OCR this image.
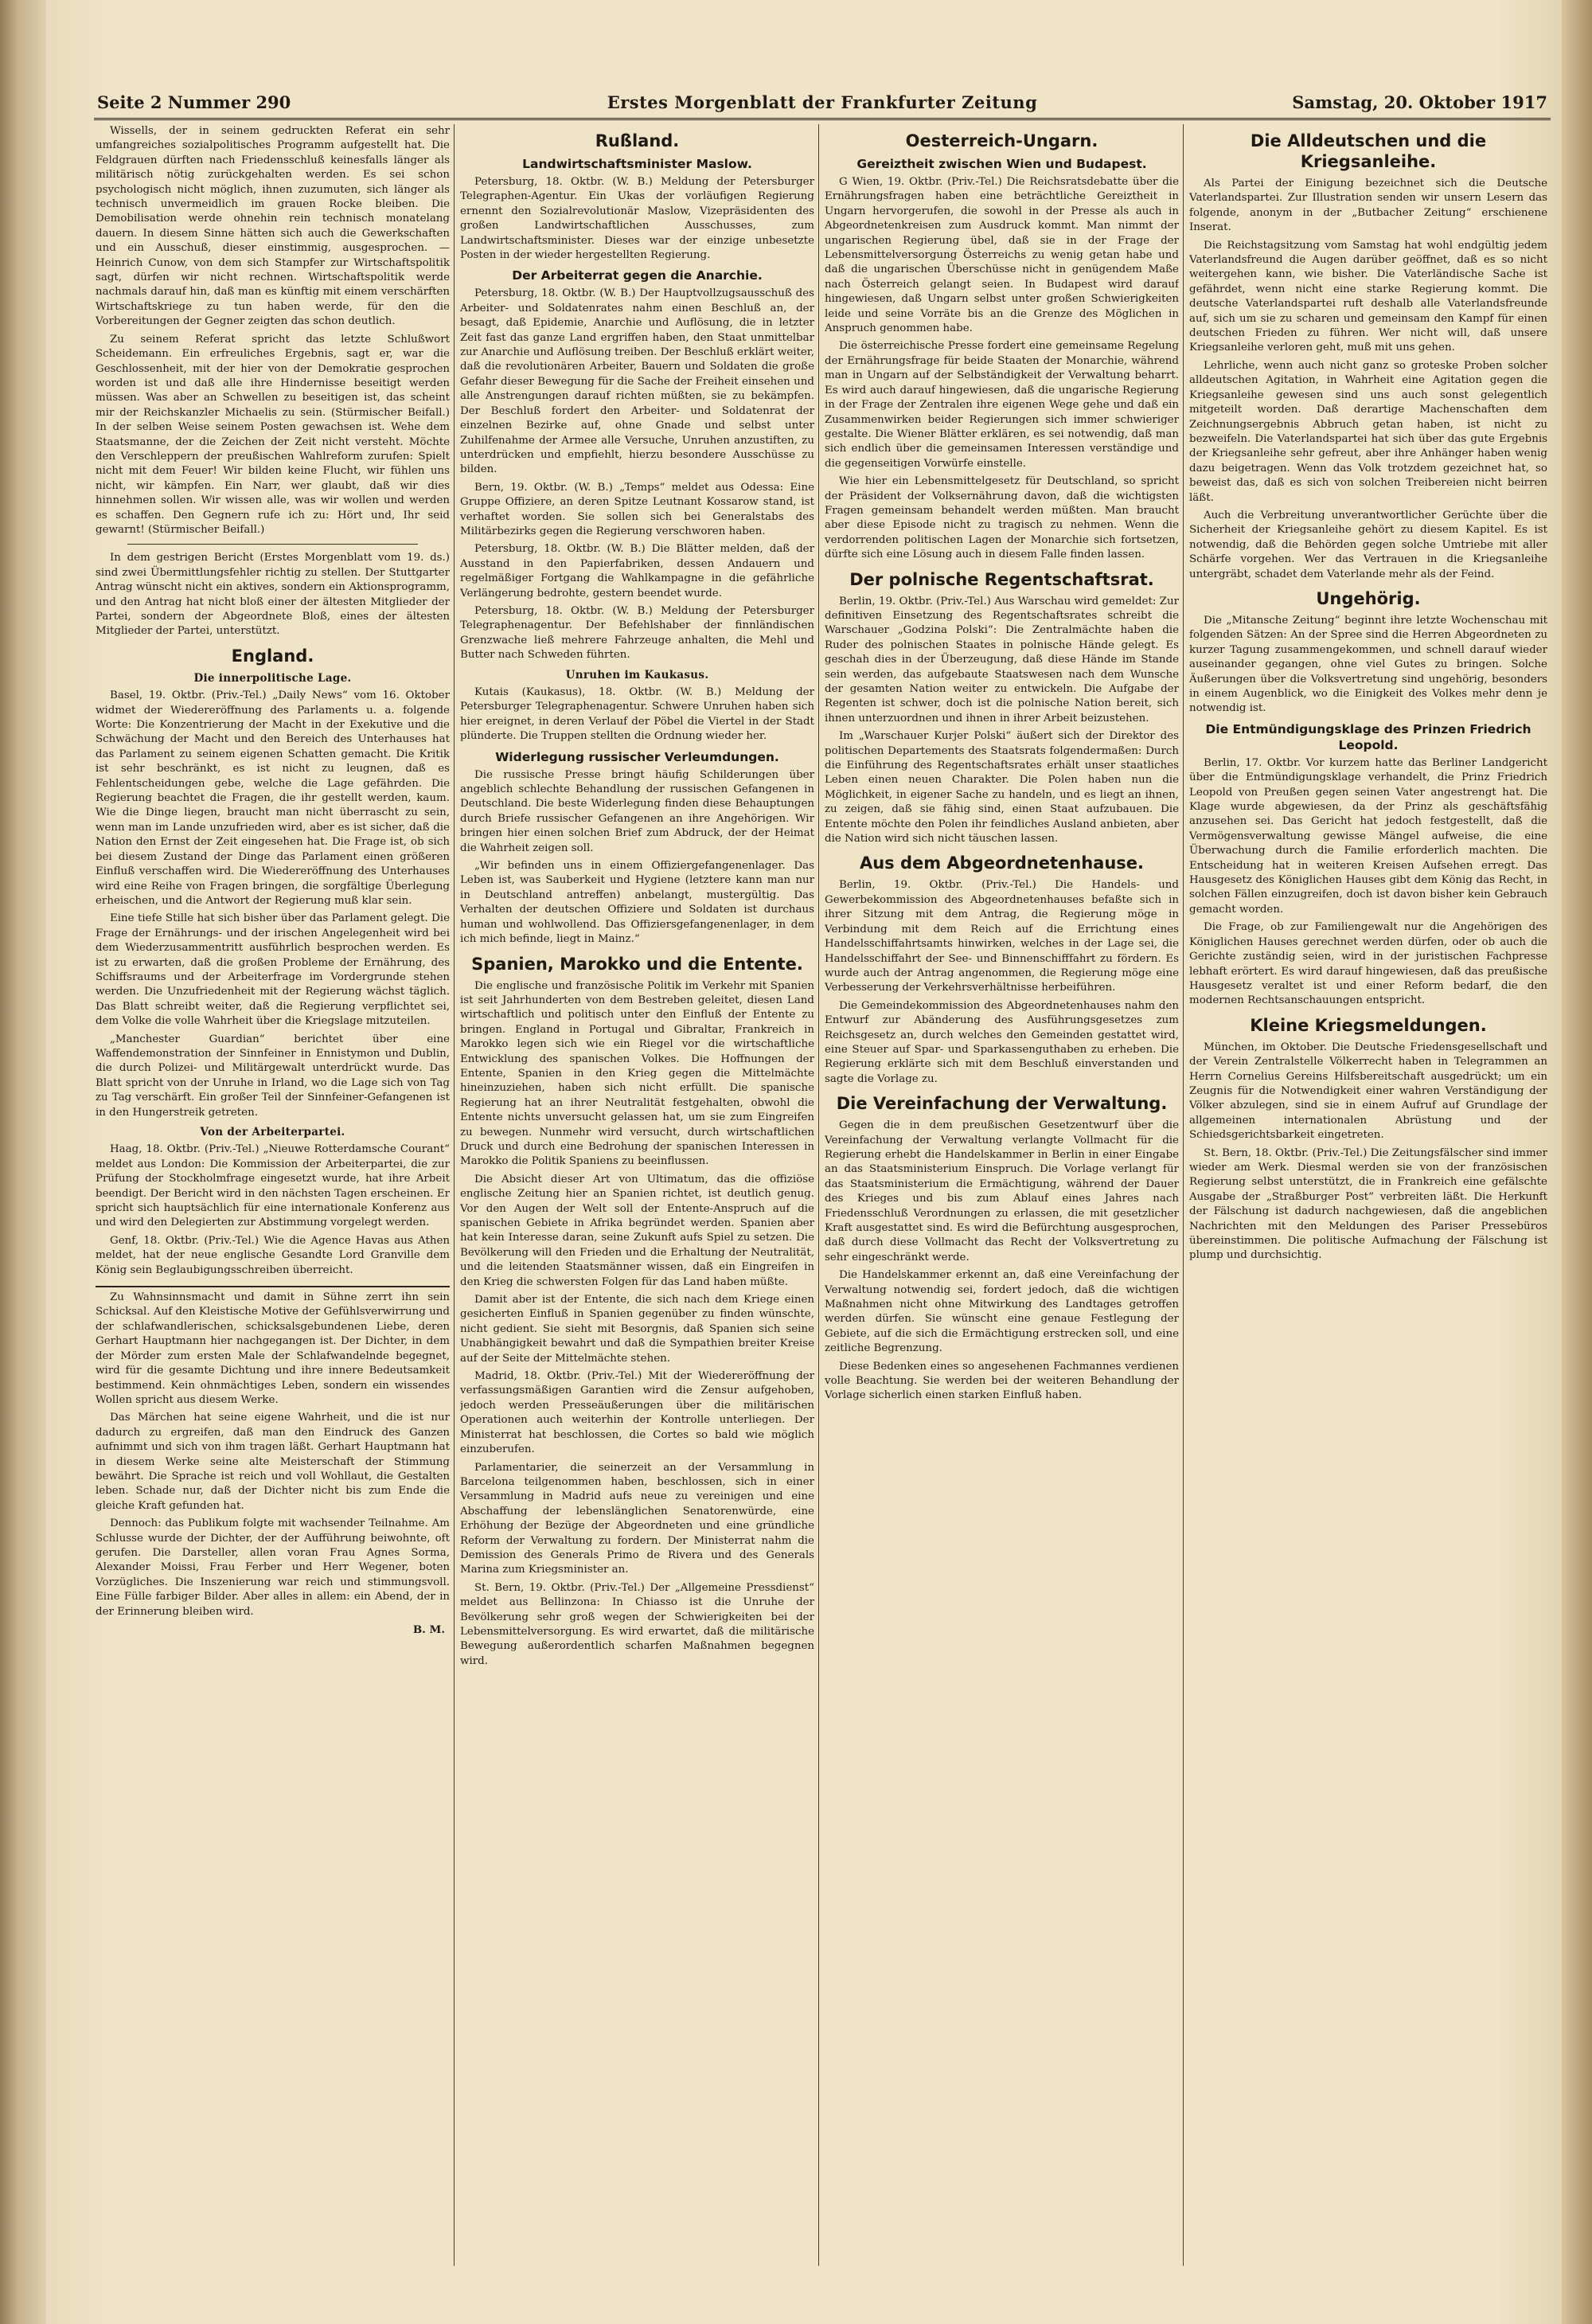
Seite 2 Nummer 290	Erstes Morgenblatt der Frankfurter Zeitung	Samstag, 20. Oktober 1917

Wissells, der in seinem gedruckten Referat ein sehr umfangreiches sozialpolitisches Programm aufgestellt hat. Die Feldgrauen dürften nach Friedensschluß keinesfalls länger als militärisch nötig zurückgehalten werden. Es sei schon psychologisch nicht möglich, ihnen zuzumuten, sich länger als technisch unvermeidlich im grauen Rocke bleiben. Die Demobilisation werde ohnehin rein technisch monatelang dauern. In diesem Sinne hätten sich auch die Gewerkschaften und ein Ausschuß, dieser einstimmig, ausgesprochen. — Heinrich Cunow, von dem sich Stampfer zur Wirtschaftspolitik sagt, dürfen wir nicht rechnen. Wirtschaftspolitik werde nachmals darauf hin, daß man es künftig mit einem verschärften Wirtschaftskriege zu tun haben werde, für den die Vorbereitungen der Gegner zeigten das schon deutlich.

Zu seinem Referat spricht das letzte Schlußwort Scheidemann. Ein erfreuliches Ergebnis, sagt er, war die Geschlossenheit, mit der hier von der Demokratie gesprochen worden ist und daß alle ihre Hindernisse beseitigt werden müssen. Was aber an Schwellen zu beseitigen ist, das scheint mir der Reichskanzler Michaelis zu sein. (Stürmischer Beifall.) In der selben Weise seinem Posten gewachsen ist. Wehe dem Staatsmanne, der die Zeichen der Zeit nicht versteht. Möchte den Verschleppern der preußischen Wahlreform zurufen: Spielt nicht mit dem Feuer! Wir bilden keine Flucht, wir fühlen uns nicht, wir kämpfen. Ein Narr, wer glaubt, daß wir dies hinnehmen sollen. Wir wissen alle, was wir wollen und werden es schaffen. Den Gegnern rufe ich zu: Hört und, Ihr seid gewarnt! (Stürmischer Beifall.)

In dem gestrigen Bericht (Erstes Morgenblatt vom 19. ds.) sind zwei Übermittlungsfehler richtig zu stellen. Der Stuttgarter Antrag wünscht nicht ein aktives, sondern ein Aktionsprogramm, und den Antrag hat nicht bloß einer der ältesten Mitglieder der Partei, sondern der Abgeordnete Bloß, eines der ältesten Mitglieder der Partei, unterstützt.

England.
Die innerpolitische Lage.

Basel, 19. Oktbr. (Priv.-Tel.) „Daily News“ vom 16. Oktober widmet der Wiedereröffnung des Parlaments u. a. folgende Worte: Die Konzentrierung der Macht in der Exekutive und die Schwächung der Macht und den Bereich des Unterhauses hat das Parlament zu seinem eigenen Schatten gemacht. Die Kritik ist sehr beschränkt, es ist nicht zu leugnen, daß es Fehlentscheidungen gebe, welche die Lage gefährden. Die Regierung beachtet die Fragen, die ihr gestellt werden, kaum. Wie die Dinge liegen, braucht man nicht überrascht zu sein, wenn man im Lande unzufrieden wird, aber es ist sicher, daß die Nation den Ernst der Zeit eingesehen hat. Die Frage ist, ob sich bei diesem Zustand der Dinge das Parlament einen größeren Einfluß verschaffen wird. Die Wiedereröffnung des Unterhauses wird eine Reihe von Fragen bringen, die sorgfältige Überlegung erheischen, und die Antwort der Regierung muß klar sein.

Eine tiefe Stille hat sich bisher über das Parlament gelegt. Die Frage der Ernährungs- und der irischen Angelegenheit wird bei dem Wiederzusammentritt ausführlich besprochen werden. Es ist zu erwarten, daß die großen Probleme der Ernährung, des Schiffsraums und der Arbeiterfrage im Vordergrunde stehen werden. Die Unzufriedenheit mit der Regierung wächst täglich. Das Blatt schreibt weiter, daß die Regierung verpflichtet sei, dem Volke die volle Wahrheit über die Kriegslage mitzuteilen.

„Manchester Guardian“ berichtet über eine Waffendemonstration der Sinnfeiner in Ennistymon und Dublin, die durch Polizei- und Militärgewalt unterdrückt wurde. Das Blatt spricht von der Unruhe in Irland, wo die Lage sich von Tag zu Tag verschärft. Ein großer Teil der Sinnfeiner-Gefangenen ist in den Hungerstreik getreten.

Von der Arbeiterpartei.

Haag, 18. Oktbr. (Priv.-Tel.) „Nieuwe Rotterdamsche Courant“ meldet aus London: Die Kommission der Arbeiterpartei, die zur Prüfung der Stockholmfrage eingesetzt wurde, hat ihre Arbeit beendigt. Der Bericht wird in den nächsten Tagen erscheinen. Er spricht sich hauptsächlich für eine internationale Konferenz aus und wird den Delegierten zur Abstimmung vorgelegt werden.

Genf, 18. Oktbr. (Priv.-Tel.) Wie die Agence Havas aus Athen meldet, hat der neue englische Gesandte Lord Granville dem König sein Beglaubigungsschreiben überreicht.

Zu Wahnsinnsmacht und damit in Sühne zerrt ihn sein Schicksal. Auf den Kleistische Motive der Gefühlsverwirrung und der schlafwandlerischen, schicksalsgebundenen Liebe, deren Gerhart Hauptmann hier nachgegangen ist. Der Dichter, in dem der Mörder zum ersten Male der Schlafwandelnde begegnet, wird für die gesamte Dichtung und ihre innere Bedeutsamkeit bestimmend. Kein ohnmächtiges Leben, sondern ein wissendes Wollen spricht aus diesem Werke.

Das Märchen hat seine eigene Wahrheit, und die ist nur dadurch zu ergreifen, daß man den Eindruck des Ganzen aufnimmt und sich von ihm tragen läßt. Gerhart Hauptmann hat in diesem Werke seine alte Meisterschaft der Stimmung bewährt. Die Sprache ist reich und voll Wohllaut, die Gestalten leben. Schade nur, daß der Dichter nicht bis zum Ende die gleiche Kraft gefunden hat.

Dennoch: das Publikum folgte mit wachsender Teilnahme. Am Schlusse wurde der Dichter, der der Aufführung beiwohnte, oft gerufen. Die Darsteller, allen voran Frau Agnes Sorma, Alexander Moissi, Frau Ferber und Herr Wegener, boten Vorzügliches. Die Inszenierung war reich und stimmungsvoll. Eine Fülle farbiger Bilder. Aber alles in allem: ein Abend, der in der Erinnerung bleiben wird.

B. M.
Rußland.
Landwirtschaftsminister Maslow.

Petersburg, 18. Oktbr. (W. B.) Meldung der Petersburger Telegraphen-Agentur. Ein Ukas der vorläufigen Regierung ernennt den Sozialrevolutionär Maslow, Vizepräsidenten des großen Landwirtschaftlichen Ausschusses, zum Landwirtschaftsminister. Dieses war der einzige unbesetzte Posten in der wieder hergestellten Regierung.

Der Arbeiterrat gegen die Anarchie.

Petersburg, 18. Oktbr. (W. B.) Der Hauptvollzugsausschuß des Arbeiter- und Soldatenrates nahm einen Beschluß an, der besagt, daß Epidemie, Anarchie und Auflösung, die in letzter Zeit fast das ganze Land ergriffen haben, den Staat unmittelbar zur Anarchie und Auflösung treiben. Der Beschluß erklärt weiter, daß die revolutionären Arbeiter, Bauern und Soldaten die große Gefahr dieser Bewegung für die Sache der Freiheit einsehen und alle Anstrengungen darauf richten müßten, sie zu bekämpfen. Der Beschluß fordert den Arbeiter- und Soldatenrat der einzelnen Bezirke auf, ohne Gnade und selbst unter Zuhilfenahme der Armee alle Versuche, Unruhen anzustiften, zu unterdrücken und empfiehlt, hierzu besondere Ausschüsse zu bilden.

Bern, 19. Oktbr. (W. B.) „Temps“ meldet aus Odessa: Eine Gruppe Offiziere, an deren Spitze Leutnant Kossarow stand, ist verhaftet worden. Sie sollen sich bei Generalstabs des Militärbezirks gegen die Regierung verschworen haben.

Petersburg, 18. Oktbr. (W. B.) Die Blätter melden, daß der Ausstand in den Papierfabriken, dessen Andauern und regelmäßiger Fortgang die Wahlkampagne in die gefährliche Verlängerung bedrohte, gestern beendet wurde.

Petersburg, 18. Oktbr. (W. B.) Meldung der Petersburger Telegraphenagentur. Der Befehlshaber der finnländischen Grenzwache ließ mehrere Fahrzeuge anhalten, die Mehl und Butter nach Schweden führten.

Unruhen im Kaukasus.

Kutais (Kaukasus), 18. Oktbr. (W. B.) Meldung der Petersburger Telegraphenagentur. Schwere Unruhen haben sich hier ereignet, in deren Verlauf der Pöbel die Viertel in der Stadt plünderte. Die Truppen stellten die Ordnung wieder her.

Widerlegung russischer Verleumdungen.

Die russische Presse bringt häufig Schilderungen über angeblich schlechte Behandlung der russischen Gefangenen in Deutschland. Die beste Widerlegung finden diese Behauptungen durch Briefe russischer Gefangenen an ihre Angehörigen. Wir bringen hier einen solchen Brief zum Abdruck, der der Heimat die Wahrheit zeigen soll.

„Wir befinden uns in einem Offiziergefangenenlager. Das Leben ist, was Sauberkeit und Hygiene (letztere kann man nur in Deutschland antreffen) anbelangt, mustergültig. Das Verhalten der deutschen Offiziere und Soldaten ist durchaus human und wohlwollend. Das Offiziersgefangenenlager, in dem ich mich befinde, liegt in Mainz.“

Spanien, Marokko und die Entente.

Die englische und französische Politik im Verkehr mit Spanien ist seit Jahrhunderten von dem Bestreben geleitet, diesen Land wirtschaftlich und politisch unter den Einfluß der Entente zu bringen. England in Portugal und Gibraltar, Frankreich in Marokko legen sich wie ein Riegel vor die wirtschaftliche Entwicklung des spanischen Volkes. Die Hoffnungen der Entente, Spanien in den Krieg gegen die Mittelmächte hineinzuziehen, haben sich nicht erfüllt. Die spanische Regierung hat an ihrer Neutralität festgehalten, obwohl die Entente nichts unversucht gelassen hat, um sie zum Eingreifen zu bewegen. Nunmehr wird versucht, durch wirtschaftlichen Druck und durch eine Bedrohung der spanischen Interessen in Marokko die Politik Spaniens zu beeinflussen.

Die Absicht dieser Art von Ultimatum, das die offiziöse englische Zeitung hier an Spanien richtet, ist deutlich genug. Vor den Augen der Welt soll der Entente-Anspruch auf die spanischen Gebiete in Afrika begründet werden. Spanien aber hat kein Interesse daran, seine Zukunft aufs Spiel zu setzen. Die Bevölkerung will den Frieden und die Erhaltung der Neutralität, und die leitenden Staatsmänner wissen, daß ein Eingreifen in den Krieg die schwersten Folgen für das Land haben müßte.

Damit aber ist der Entente, die sich nach dem Kriege einen gesicherten Einfluß in Spanien gegenüber zu finden wünschte, nicht gedient. Sie sieht mit Besorgnis, daß Spanien sich seine Unabhängigkeit bewahrt und daß die Sympathien breiter Kreise auf der Seite der Mittelmächte stehen.

Madrid, 18. Oktbr. (Priv.-Tel.) Mit der Wiedereröffnung der verfassungsmäßigen Garantien wird die Zensur aufgehoben, jedoch werden Presseäußerungen über die militärischen Operationen auch weiterhin der Kontrolle unterliegen. Der Ministerrat hat beschlossen, die Cortes so bald wie möglich einzuberufen.

Parlamentarier, die seinerzeit an der Versammlung in Barcelona teilgenommen haben, beschlossen, sich in einer Versammlung in Madrid aufs neue zu vereinigen und eine Abschaffung der lebenslänglichen Senatorenwürde, eine Erhöhung der Bezüge der Abgeordneten und eine gründliche Reform der Verwaltung zu fordern. Der Ministerrat nahm die Demission des Generals Primo de Rivera und des Generals Marina zum Kriegsminister an.

St. Bern, 19. Oktbr. (Priv.-Tel.) Der „Allgemeine Pressdienst“ meldet aus Bellinzona: In Chiasso ist die Unruhe der Bevölkerung sehr groß wegen der Schwierigkeiten bei der Lebensmittelversorgung. Es wird erwartet, daß die militärische Bewegung außerordentlich scharfen Maßnahmen begegnen wird.

Oesterreich-Ungarn.
Gereiztheit zwischen Wien und Budapest.

G Wien, 19. Oktbr. (Priv.-Tel.) Die Reichsratsdebatte über die Ernährungsfragen haben eine beträchtliche Gereiztheit in Ungarn hervorgerufen, die sowohl in der Presse als auch in Abgeordnetenkreisen zum Ausdruck kommt. Man nimmt der ungarischen Regierung übel, daß sie in der Frage der Lebensmittelversorgung Österreichs zu wenig getan habe und daß die ungarischen Überschüsse nicht in genügendem Maße nach Österreich gelangt seien. In Budapest wird darauf hingewiesen, daß Ungarn selbst unter großen Schwierigkeiten leide und seine Vorräte bis an die Grenze des Möglichen in Anspruch genommen habe.

Die österreichische Presse fordert eine gemeinsame Regelung der Ernährungsfrage für beide Staaten der Monarchie, während man in Ungarn auf der Selbständigkeit der Verwaltung beharrt. Es wird auch darauf hingewiesen, daß die ungarische Regierung in der Frage der Zentralen ihre eigenen Wege gehe und daß ein Zusammenwirken beider Regierungen sich immer schwieriger gestalte. Die Wiener Blätter erklären, es sei notwendig, daß man sich endlich über die gemeinsamen Interessen verständige und die gegenseitigen Vorwürfe einstelle.

Wie hier ein Lebensmittelgesetz für Deutschland, so spricht der Präsident der Volksernährung davon, daß die wichtigsten Fragen gemeinsam behandelt werden müßten. Man braucht aber diese Episode nicht zu tragisch zu nehmen. Wenn die verdorrenden politischen Lagen der Monarchie sich fortsetzen, dürfte sich eine Lösung auch in diesem Falle finden lassen.

Der polnische Regentschaftsrat.

Berlin, 19. Oktbr. (Priv.-Tel.) Aus Warschau wird gemeldet: Zur definitiven Einsetzung des Regentschaftsrates schreibt die Warschauer „Godzina Polski“: Die Zentralmächte haben die Ruder des polnischen Staates in polnische Hände gelegt. Es geschah dies in der Überzeugung, daß diese Hände im Stande sein werden, das aufgebaute Staatswesen nach dem Wunsche der gesamten Nation weiter zu entwickeln. Die Aufgabe der Regenten ist schwer, doch ist die polnische Nation bereit, sich ihnen unterzuordnen und ihnen in ihrer Arbeit beizustehen.

Im „Warschauer Kurjer Polski“ äußert sich der Direktor des politischen Departements des Staatsrats folgendermaßen: Durch die Einführung des Regentschaftsrates erhält unser staatliches Leben einen neuen Charakter. Die Polen haben nun die Möglichkeit, in eigener Sache zu handeln, und es liegt an ihnen, zu zeigen, daß sie fähig sind, einen Staat aufzubauen. Die Entente möchte den Polen ihr feindliches Ausland anbieten, aber die Nation wird sich nicht täuschen lassen.

Aus dem Abgeordnetenhause.

Berlin, 19. Oktbr. (Priv.-Tel.) Die Handels- und Gewerbekommission des Abgeordnetenhauses befaßte sich in ihrer Sitzung mit dem Antrag, die Regierung möge in Verbindung mit dem Reich auf die Errichtung eines Handelsschiffahrtsamts hinwirken, welches in der Lage sei, die Handelsschiffahrt der See- und Binnenschifffahrt zu fördern. Es wurde auch der Antrag angenommen, die Regierung möge eine Verbesserung der Verkehrsverhältnisse herbeiführen.

Die Gemeindekommission des Abgeordnetenhauses nahm den Entwurf zur Abänderung des Ausführungsgesetzes zum Reichsgesetz an, durch welches den Gemeinden gestattet wird, eine Steuer auf Spar- und Sparkassenguthaben zu erheben. Die Regierung erklärte sich mit dem Beschluß einverstanden und sagte die Vorlage zu.

Die Vereinfachung der Verwaltung.

Gegen die in dem preußischen Gesetzentwurf über die Vereinfachung der Verwaltung verlangte Vollmacht für die Regierung erhebt die Handelskammer in Berlin in einer Eingabe an das Staatsministerium Einspruch. Die Vorlage verlangt für das Staatsministerium die Ermächtigung, während der Dauer des Krieges und bis zum Ablauf eines Jahres nach Friedensschluß Verordnungen zu erlassen, die mit gesetzlicher Kraft ausgestattet sind. Es wird die Befürchtung ausgesprochen, daß durch diese Vollmacht das Recht der Volksvertretung zu sehr eingeschränkt werde.

Die Handelskammer erkennt an, daß eine Vereinfachung der Verwaltung notwendig sei, fordert jedoch, daß die wichtigen Maßnahmen nicht ohne Mitwirkung des Landtages getroffen werden dürfen. Sie wünscht eine genaue Festlegung der Gebiete, auf die sich die Ermächtigung erstrecken soll, und eine zeitliche Begrenzung.

Diese Bedenken eines so angesehenen Fachmannes verdienen volle Beachtung. Sie werden bei der weiteren Behandlung der Vorlage sicherlich einen starken Einfluß haben.

Die Alldeutschen und die Kriegsanleihe.

Als Partei der Einigung bezeichnet sich die Deutsche Vaterlandspartei. Zur Illustration senden wir unsern Lesern das folgende, anonym in der „Butbacher Zeitung“ erschienene Inserat.

Die Reichstagsitzung vom Samstag hat wohl endgültig jedem Vaterlandsfreund die Augen darüber geöffnet, daß es so nicht weitergehen kann, wie bisher. Die Vaterländische Sache ist gefährdet, wenn nicht eine starke Regierung kommt. Die deutsche Vaterlandspartei ruft deshalb alle Vaterlandsfreunde auf, sich um sie zu scharen und gemeinsam den Kampf für einen deutschen Frieden zu führen. Wer nicht will, daß unsere Kriegsanleihe verloren geht, muß mit uns gehen.

Lehrliche, wenn auch nicht ganz so groteske Proben solcher alldeutschen Agitation, in Wahrheit eine Agitation gegen die Kriegsanleihe gewesen sind uns auch sonst gelegentlich mitgeteilt worden. Daß derartige Machenschaften dem Zeichnungsergebnis Abbruch getan haben, ist nicht zu bezweifeln. Die Vaterlandspartei hat sich über das gute Ergebnis der Kriegsanleihe sehr gefreut, aber ihre Anhänger haben wenig dazu beigetragen. Wenn das Volk trotzdem gezeichnet hat, so beweist das, daß es sich von solchen Treibereien nicht beirren läßt.

Auch die Verbreitung unverantwortlicher Gerüchte über die Sicherheit der Kriegsanleihe gehört zu diesem Kapitel. Es ist notwendig, daß die Behörden gegen solche Umtriebe mit aller Schärfe vorgehen. Wer das Vertrauen in die Kriegsanleihe untergräbt, schadet dem Vaterlande mehr als der Feind.

Ungehörig.

Die „Mitansche Zeitung“ beginnt ihre letzte Wochenschau mit folgenden Sätzen: An der Spree sind die Herren Abgeordneten zu kurzer Tagung zusammengekommen, und schnell darauf wieder auseinander gegangen, ohne viel Gutes zu bringen. Solche Äußerungen über die Volksvertretung sind ungehörig, besonders in einem Augenblick, wo die Einigkeit des Volkes mehr denn je notwendig ist.

Die Entmündigungsklage des Prinzen Friedrich Leopold.

Berlin, 17. Oktbr. Vor kurzem hatte das Berliner Landgericht über die Entmündigungsklage verhandelt, die Prinz Friedrich Leopold von Preußen gegen seinen Vater angestrengt hat. Die Klage wurde abgewiesen, da der Prinz als geschäftsfähig anzusehen sei. Das Gericht hat jedoch festgestellt, daß die Vermögensverwaltung gewisse Mängel aufweise, die eine Überwachung durch die Familie erforderlich machten. Die Entscheidung hat in weiteren Kreisen Aufsehen erregt. Das Hausgesetz des Königlichen Hauses gibt dem König das Recht, in solchen Fällen einzugreifen, doch ist davon bisher kein Gebrauch gemacht worden.

Die Frage, ob zur Familiengewalt nur die Angehörigen des Königlichen Hauses gerechnet werden dürfen, oder ob auch die Gerichte zuständig seien, wird in der juristischen Fachpresse lebhaft erörtert. Es wird darauf hingewiesen, daß das preußische Hausgesetz veraltet ist und einer Reform bedarf, die den modernen Rechtsanschauungen entspricht.

Kleine Kriegsmeldungen.

München, im Oktober. Die Deutsche Friedensgesellschaft und der Verein Zentralstelle Völkerrecht haben in Telegrammen an Herrn Cornelius Gereins Hilfsbereitschaft ausgedrückt; um ein Zeugnis für die Notwendigkeit einer wahren Verständigung der Völker abzulegen, sind sie in einem Aufruf auf Grundlage der allgemeinen internationalen Abrüstung und der Schiedsgerichtsbarkeit eingetreten.

St. Bern, 18. Oktbr. (Priv.-Tel.) Die Zeitungsfälscher sind immer wieder am Werk. Diesmal werden sie von der französischen Regierung selbst unterstützt, die in Frankreich eine gefälschte Ausgabe der „Straßburger Post“ verbreiten läßt. Die Herkunft der Fälschung ist dadurch nachgewiesen, daß die angeblichen Nachrichten mit den Meldungen des Pariser Pressebüros übereinstimmen. Die politische Aufmachung der Fälschung ist plump und durchsichtig.
